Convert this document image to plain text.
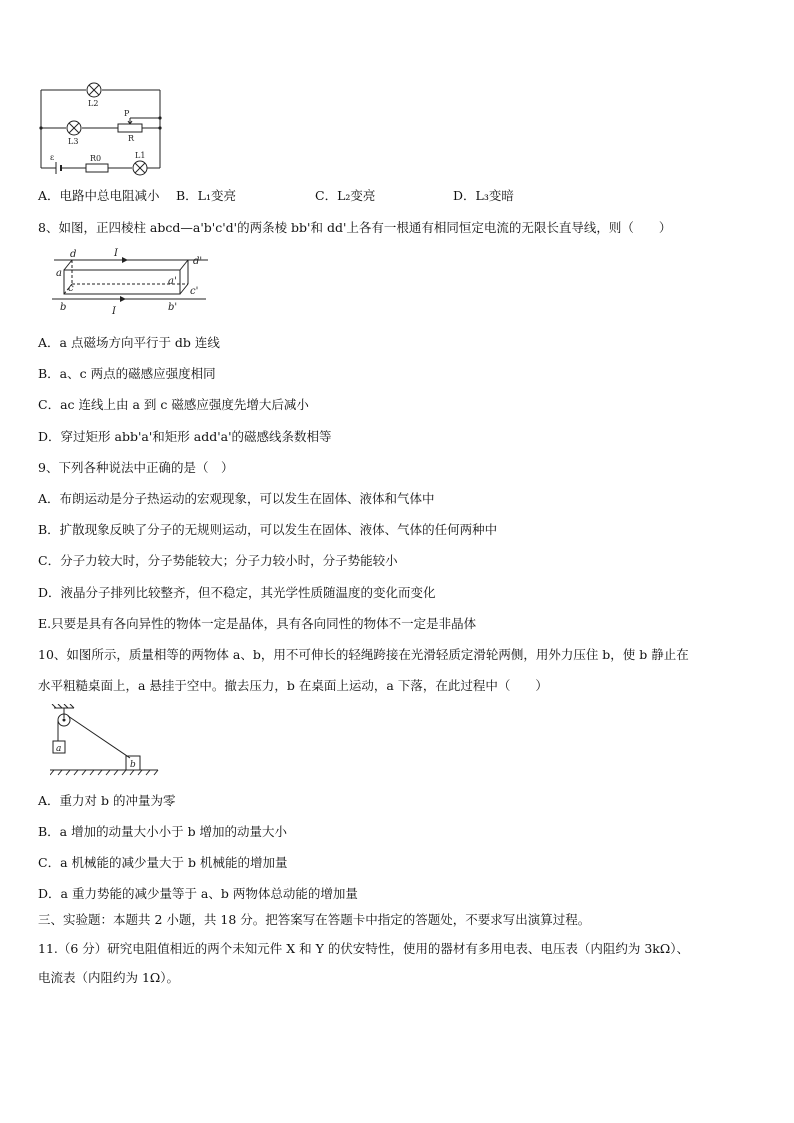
L2
L3
L1
P
R
R0
ε
A．电路中总电阻减小 B．L₁变亮	C．L₂变亮	D．L₃变暗
8、如图，正四棱柱 abcd—a'b'c'd'的两条棱 bb'和 dd'上各有一根通有相同恒定电流的无限长直导线，则（　　）
d
a
c
b
d'
a'
c'
b'
I
I
A．a 点磁场方向平行于 db 连线
B．a、c 两点的磁感应强度相同
C．ac 连线上由 a 到 c 磁感应强度先增大后减小
D．穿过矩形 abb'a'和矩形 add'a'的磁感线条数相等
9、下列各种说法中正确的是（　）
A．布朗运动是分子热运动的宏观现象，可以发生在固体、液体和气体中
B．扩散现象反映了分子的无规则运动，可以发生在固体、液体、气体的任何两种中
C．分子力较大时，分子势能较大；分子力较小时，分子势能较小
D．液晶分子排列比较整齐，但不稳定，其光学性质随温度的变化而变化
E.只要是具有各向异性的物体一定是晶体，具有各向同性的物体不一定是非晶体
10、如图所示，质量相等的两物体 a、b，用不可伸长的轻绳跨接在光滑轻质定滑轮两侧，用外力压住 b，使 b 静止在
水平粗糙桌面上，a 悬挂于空中。撤去压力，b 在桌面上运动，a 下落，在此过程中（　　）
a
b
A．重力对 b 的冲量为零
B．a 增加的动量大小小于 b 增加的动量大小
C．a 机械能的减少量大于 b 机械能的增加量
D．a 重力势能的减少量等于 a、b 两物体总动能的增加量
三、实验题：本题共 2 小题，共 18 分。把答案写在答题卡中指定的答题处，不要求写出演算过程。
11.（6 分）研究电阻值相近的两个未知元件 X 和 Y 的伏安特性，使用的器材有多用电表、电压表（内阻约为 3kΩ）、
电流表（内阻约为 1Ω）。
